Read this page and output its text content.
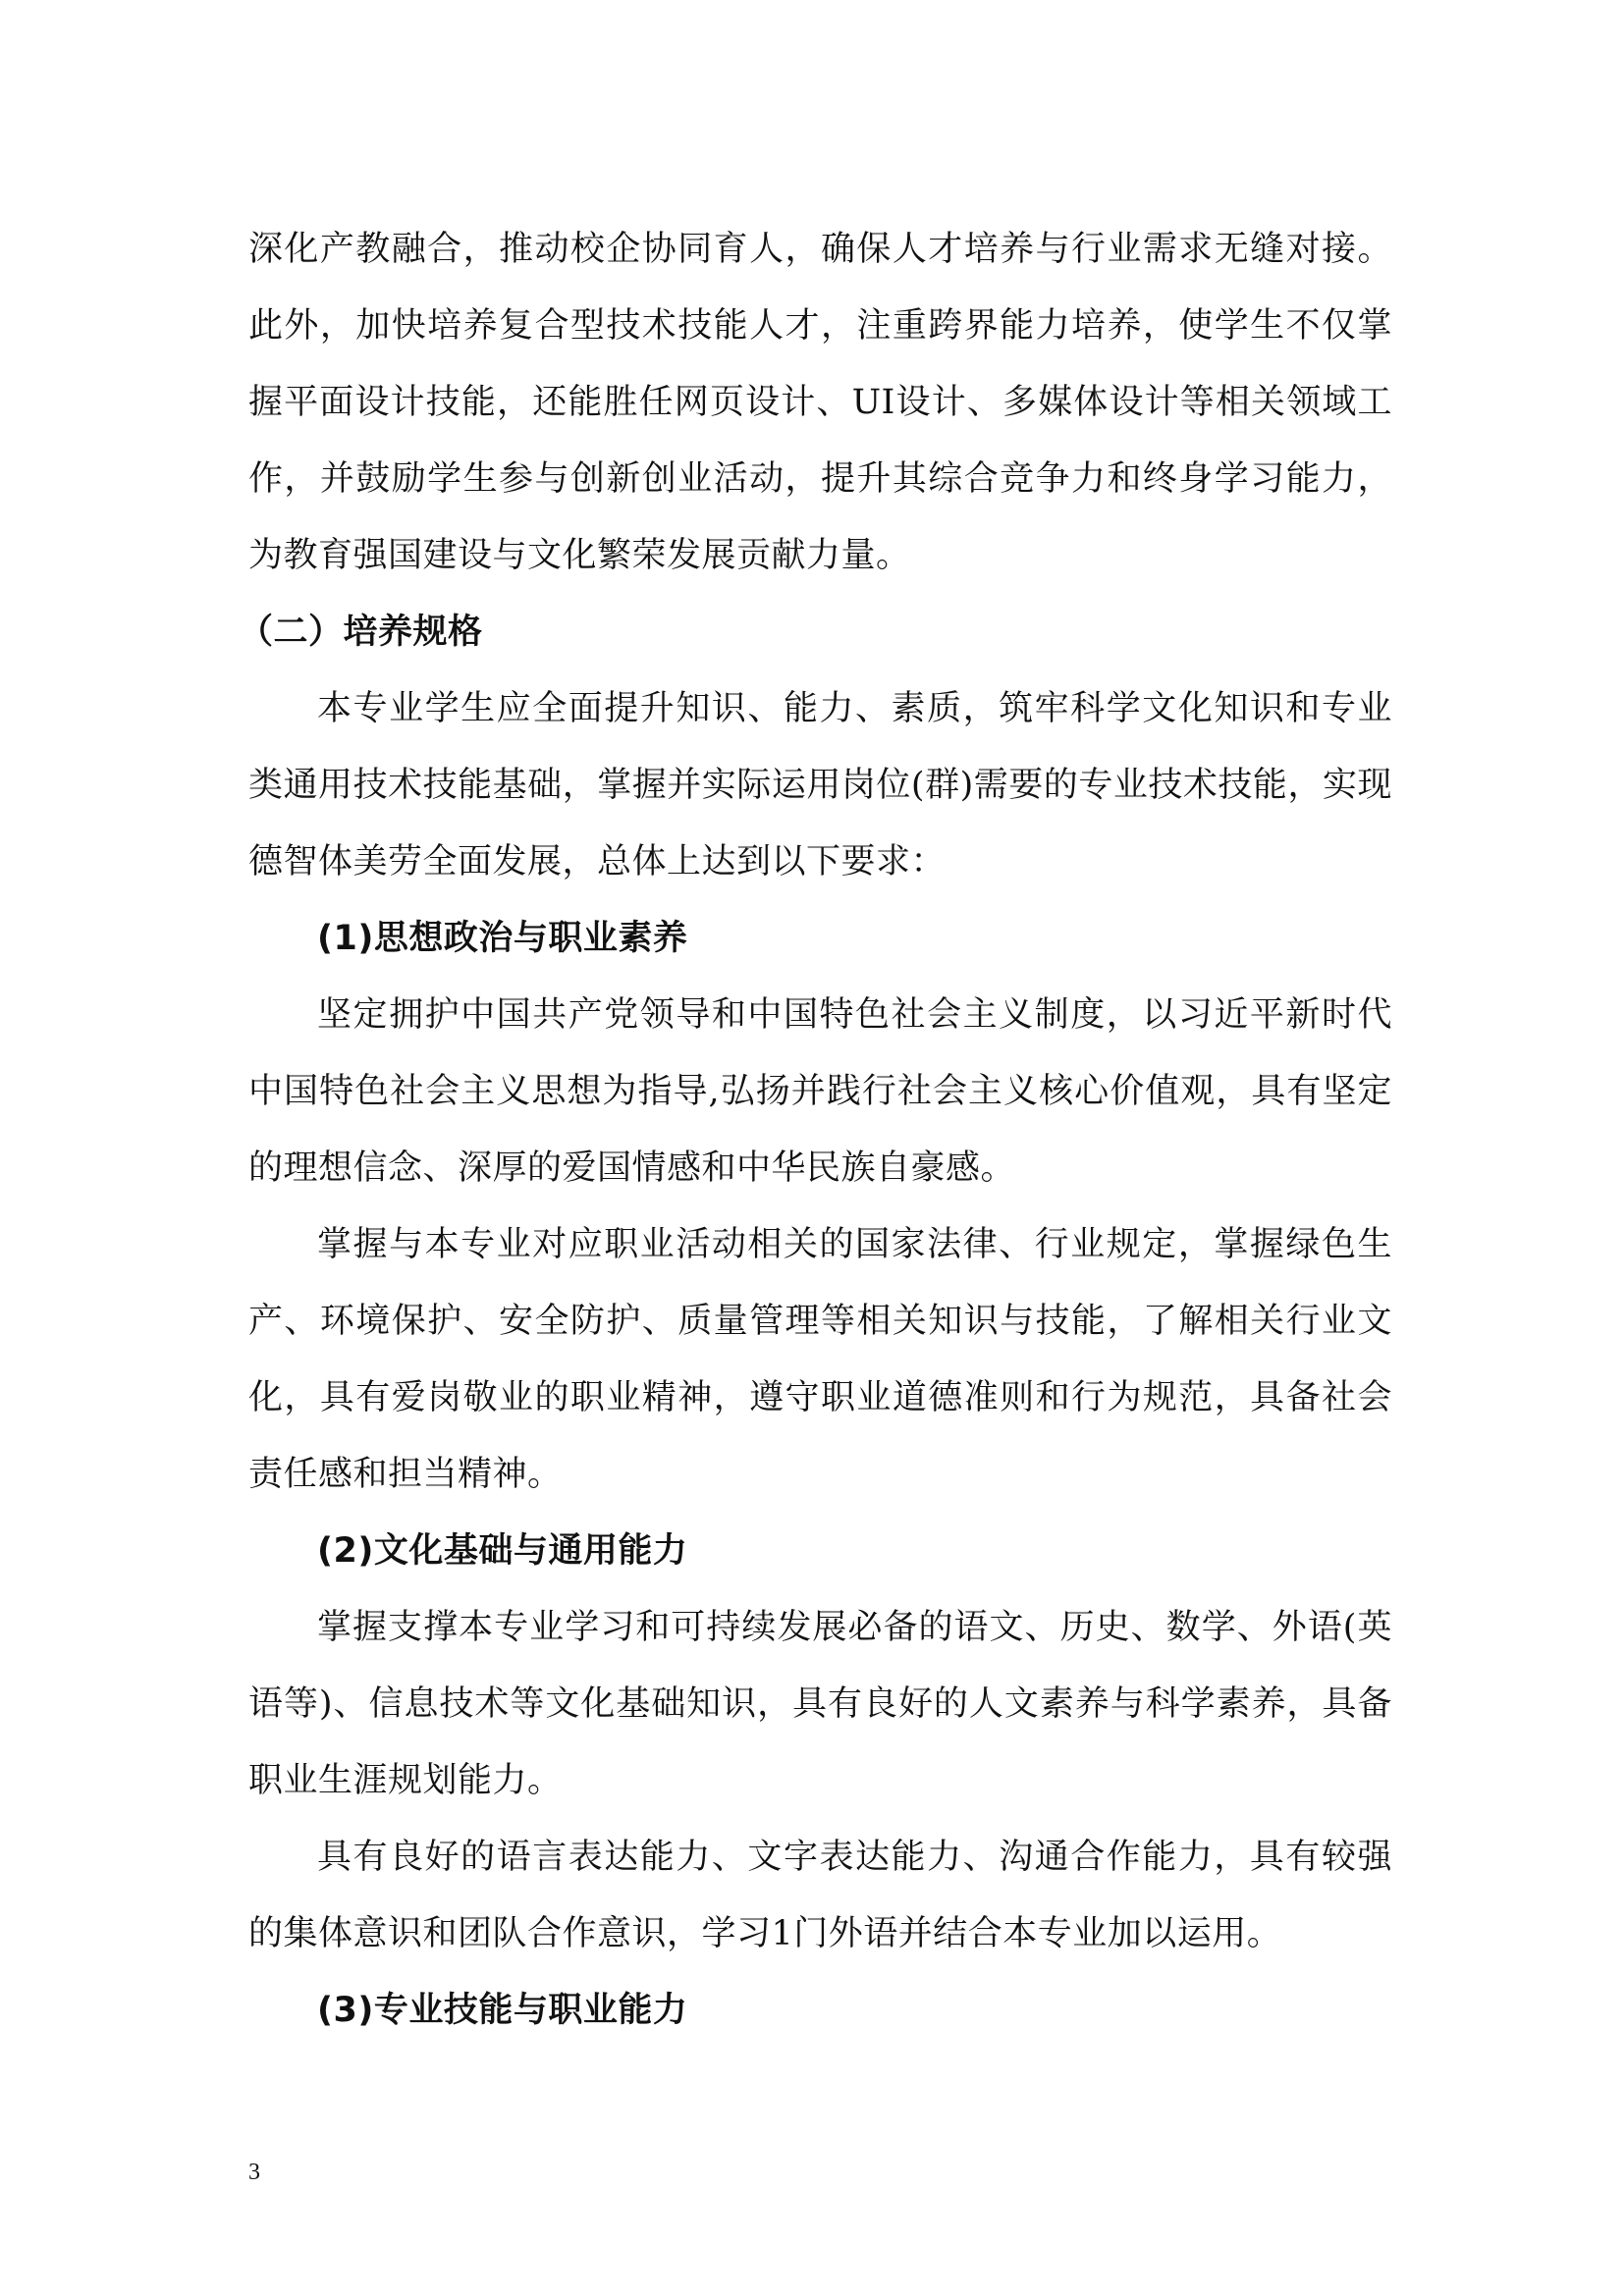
深化产教融合，推动校企协同育人，确保人才培养与行业需求无缝对接。此外，加快培养复合型技术技能人才，注重跨界能力培养，使学生不仅掌握平面设计技能，还能胜任网页设计、UI设计、多媒体设计等相关领域工作，并鼓励学生参与创新创业活动，提升其综合竞争力和终身学习能力，为教育强国建设与文化繁荣发展贡献力量。

（二）培养规格

本专业学生应全面提升知识、能力、素质，筑牢科学文化知识和专业类通用技术技能基础，掌握并实际运用岗位(群)需要的专业技术技能，实现德智体美劳全面发展，总体上达到以下要求：

(1)思想政治与职业素养

坚定拥护中国共产党领导和中国特色社会主义制度，以习近平新时代中国特色社会主义思想为指导,弘扬并践行社会主义核心价值观，具有坚定的理想信念、深厚的爱国情感和中华民族自豪感。

掌握与本专业对应职业活动相关的国家法律、行业规定，掌握绿色生产、环境保护、安全防护、质量管理等相关知识与技能，了解相关行业文化，具有爱岗敬业的职业精神，遵守职业道德准则和行为规范，具备社会责任感和担当精神。

(2)文化基础与通用能力

掌握支撑本专业学习和可持续发展必备的语文、历史、数学、外语(英语等)、信息技术等文化基础知识，具有良好的人文素养与科学素养，具备职业生涯规划能力。

具有良好的语言表达能力、文字表达能力、沟通合作能力，具有较强的集体意识和团队合作意识，学习1门外语并结合本专业加以运用。

(3)专业技能与职业能力

3
